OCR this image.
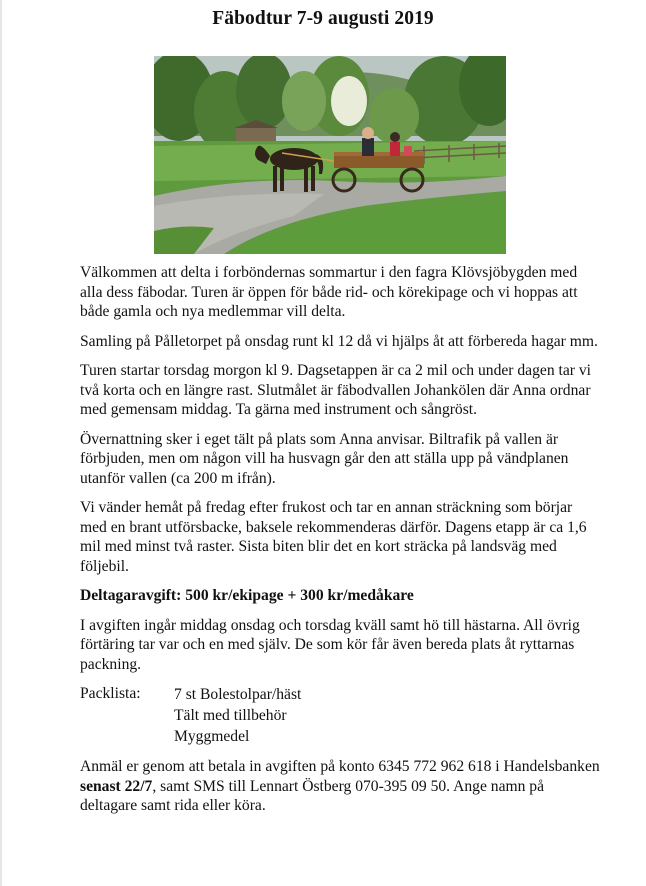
Fäbodtur 7-9 augusti 2019

Välkommen att delta i forböndernas sommartur i den fagra Klövsjöbygden med alla dess fäbodar. Turen är öppen för både rid- och körekipage och vi hoppas att både gamla och nya medlemmar vill delta.

Samling på Pålletorpet på onsdag runt kl 12 då vi hjälps åt att förbereda hagar mm.

Turen startar torsdag morgon kl 9. Dagsetappen är ca 2 mil och under dagen tar vi två korta och en längre rast. Slutmålet är fäbodvallen Johankölen där Anna ordnar med gemensam middag. Ta gärna med instrument och sångröst.

Övernattning sker i eget tält på plats som Anna anvisar. Biltrafik på vallen är förbjuden, men om någon vill ha husvagn går den att ställa upp på vändplanen utanför vallen (ca 200 m ifrån).

Vi vänder hemåt på fredag efter frukost och tar en annan sträckning som börjar med en brant utförsbacke, baksele rekommenderas därför. Dagens etapp är ca 1,6 mil med minst två raster. Sista biten blir det en kort sträcka på landsväg med följebil.

Deltagaravgift: 500 kr/ekipage + 300 kr/medåkare

I avgiften ingår middag onsdag och torsdag kväll samt hö till hästarna. All övrig förtäring tar var och en med själv. De som kör får även bereda plats åt ryttarnas packning.

Packlista:	7 st Bolestolpar/häst
Tält med tillbehör
Myggmedel

Anmäl er genom att betala in avgiften på konto 6345 772 962 618 i Handelsbanken senast 22/7, samt SMS till Lennart Östberg 070-395 09 50. Ange namn på deltagare samt rida eller köra.
